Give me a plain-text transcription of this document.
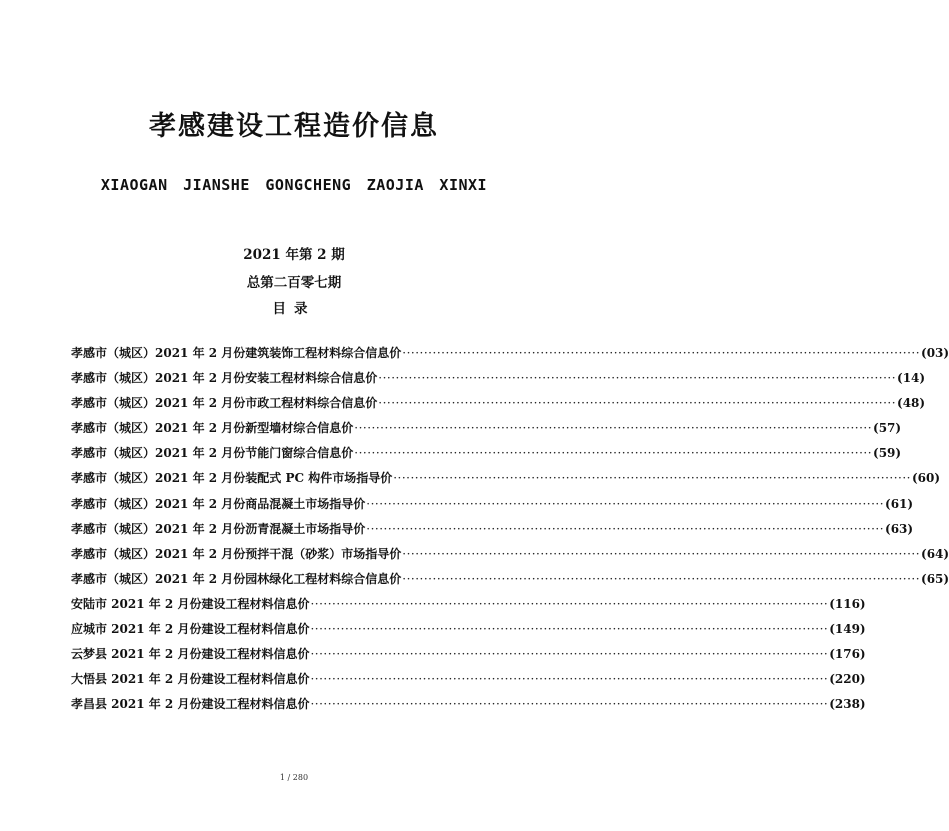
孝感建设工程造价信息
XIAOGAN JIANSHE GONGCHENG ZAOJIA XINXI
2021 年第 2 期
总第二百零七期
目录
孝感市（城区）2021 年 2 月份建筑装饰工程材料综合信息价 ························································································································ (03)
孝感市（城区）2021 年 2 月份安装工程材料综合信息价 ························································································································ (14)
孝感市（城区）2021 年 2 月份市政工程材料综合信息价 ························································································································ (48)
孝感市（城区）2021 年 2 月份新型墙材综合信息价 ························································································································ (57)
孝感市（城区）2021 年 2 月份节能门窗综合信息价 ························································································································ (59)
孝感市（城区）2021 年 2 月份装配式 PC 构件市场指导价 ························································································································ (60)
孝感市（城区）2021 年 2 月份商品混凝土市场指导价 ························································································································ (61)
孝感市（城区）2021 年 2 月份沥青混凝土市场指导价 ························································································································ (63)
孝感市（城区）2021 年 2 月份预拌干混（砂浆）市场指导价 ························································································································ (64)
孝感市（城区）2021 年 2 月份园林绿化工程材料综合信息价 ························································································································ (65)
安陆市 2021 年 2 月份建设工程材料信息价 ························································································································ (116)
应城市 2021 年 2 月份建设工程材料信息价 ························································································································ (149)
云梦县 2021 年 2 月份建设工程材料信息价 ························································································································ (176)
大悟县 2021 年 2 月份建设工程材料信息价 ························································································································ (220)
孝昌县 2021 年 2 月份建设工程材料信息价 ························································································································ (238)
1 / 280
